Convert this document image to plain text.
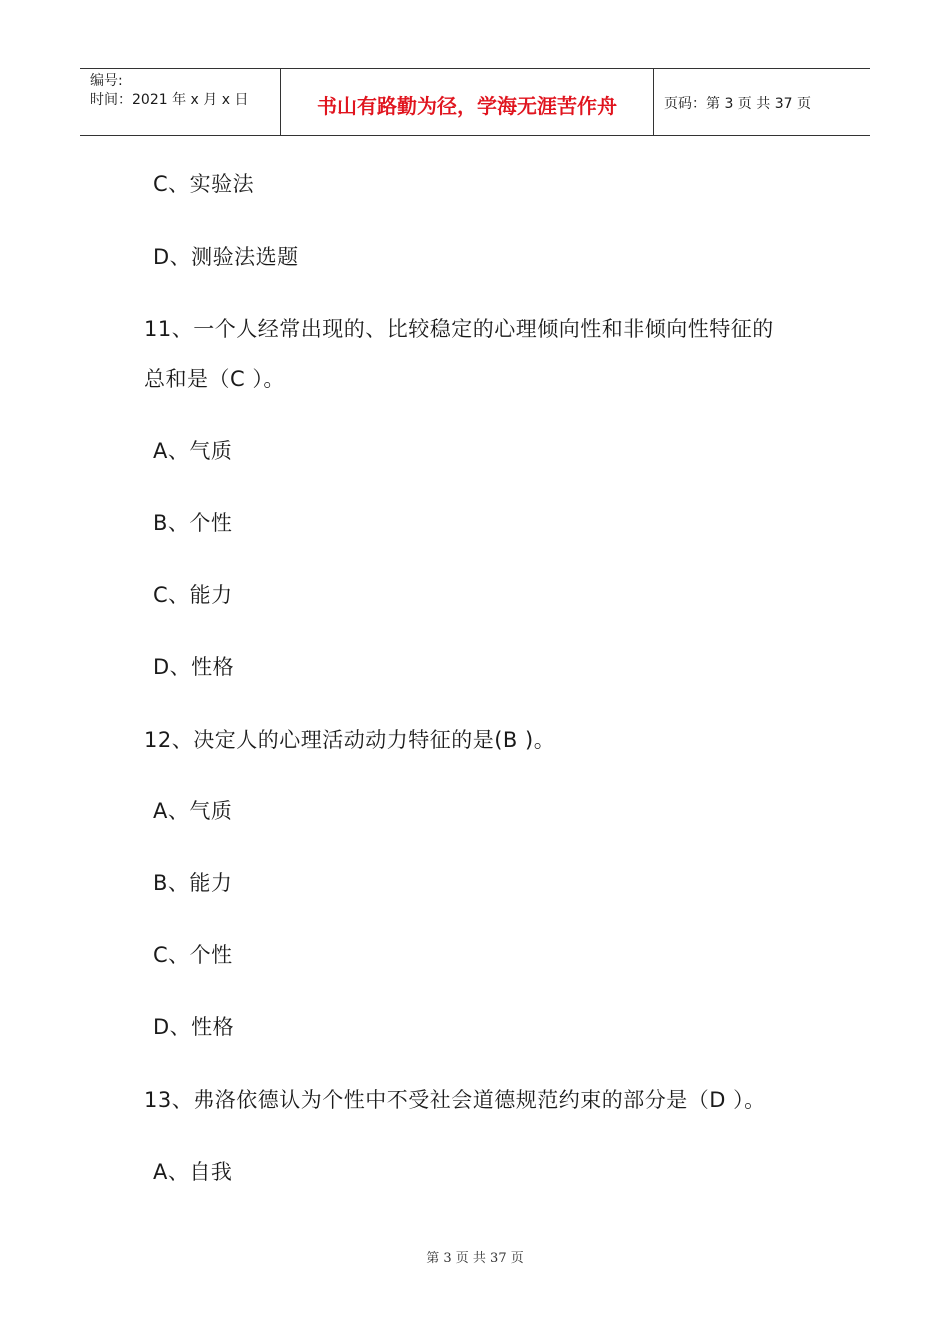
编号:
时间：2021 年 x 月 x 日	书山有路勤为径，学海无涯苦作舟	页码：第 3 页 共 37 页
C、实验法
D、测验法选题
11、一个人经常出现的、比较稳定的心理倾向性和非倾向性特征的
总和是（C ）。
A、气质
B、个性
C、能力
D、性格
12、决定人的心理活动动力特征的是(B )。
A、气质
B、能力
C、个性
D、性格
13、弗洛依德认为个性中不受社会道德规范约束的部分是（D ）。
A、自我
第 3 页 共 37 页
